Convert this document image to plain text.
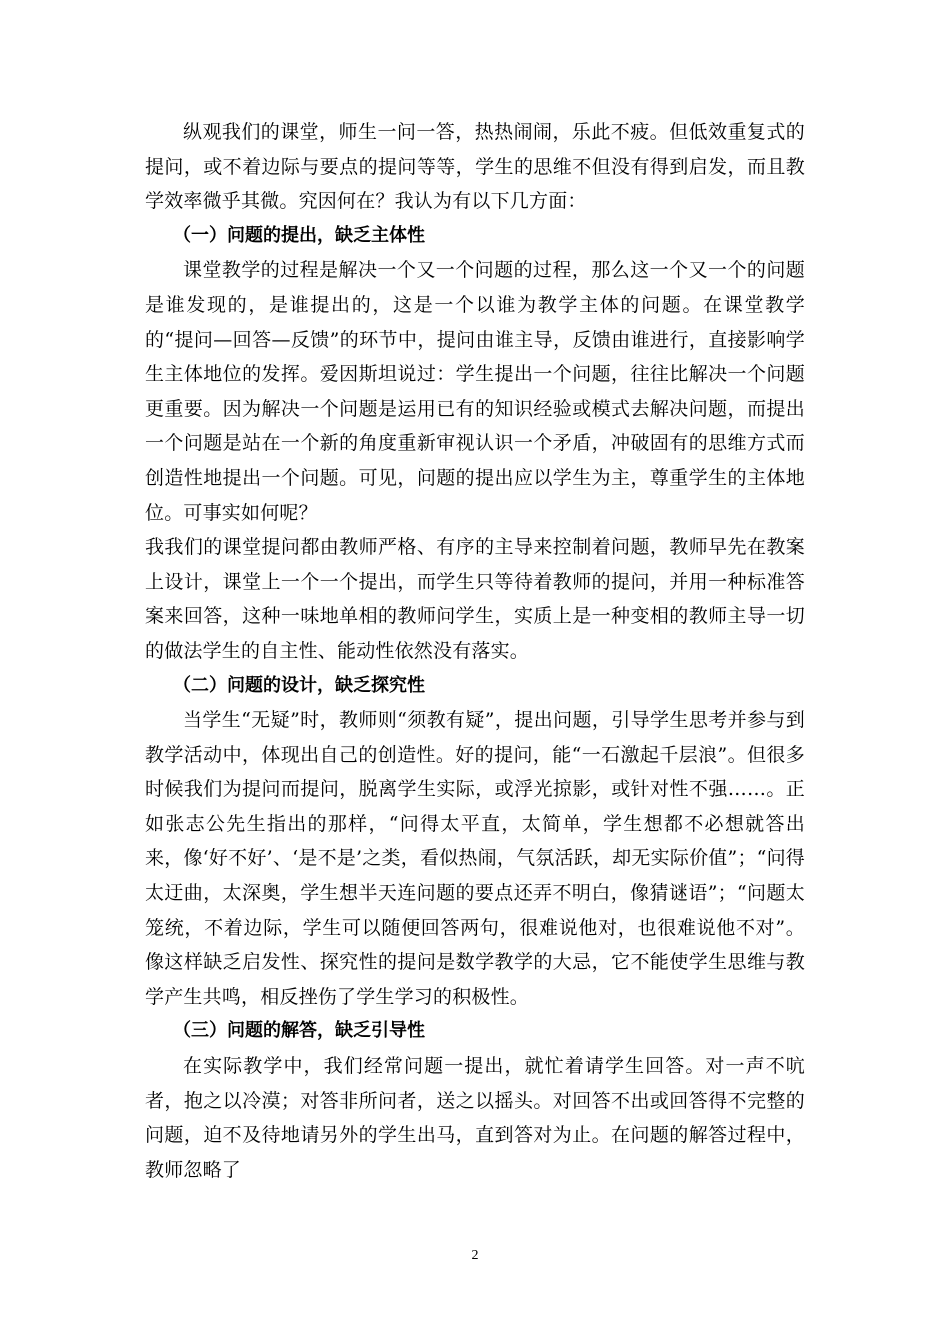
纵观我们的课堂，师生一问一答，热热闹闹，乐此不疲。但低效重复式的提问，或不着边际与要点的提问等等，学生的思维不但没有得到启发，而且教学效率微乎其微。究因何在？我认为有以下几方面：

（一）问题的提出，缺乏主体性

课堂教学的过程是解决一个又一个问题的过程，那么这一个又一个的问题是谁发现的，是谁提出的，这是一个以谁为教学主体的问题。在课堂教学的“提问—回答—反馈”的环节中，提问由谁主导，反馈由谁进行，直接影响学生主体地位的发挥。爱因斯坦说过：学生提出一个问题，往往比解决一个问题更重要。因为解决一个问题是运用已有的知识经验或模式去解决问题，而提出一个问题是站在一个新的角度重新审视认识一个矛盾，冲破固有的思维方式而创造性地提出一个问题。可见，问题的提出应以学生为主，尊重学生的主体地位。可事实如何呢？

我我们的课堂提问都由教师严格、有序的主导来控制着问题，教师早先在教案上设计，课堂上一个一个提出，而学生只等待着教师的提问，并用一种标准答案来回答，这种一味地单相的教师问学生，实质上是一种变相的教师主导一切的做法学生的自主性、能动性依然没有落实。

（二）问题的设计，缺乏探究性

当学生“无疑”时，教师则“须教有疑”，提出问题，引导学生思考并参与到教学活动中，体现出自己的创造性。好的提问，能“一石激起千层浪”。但很多时候我们为提问而提问，脱离学生实际，或浮光掠影，或针对性不强……。正如张志公先生指出的那样，“问得太平直，太简单，学生想都不必想就答出来，像‘好不好’、‘是不是’之类，看似热闹，气氛活跃，却无实际价值”；“问得太迂曲，太深奥，学生想半天连问题的要点还弄不明白，像猜谜语”；“问题太笼统，不着边际，学生可以随便回答两句，很难说他对，也很难说他不对”。像这样缺乏启发性、探究性的提问是数学教学的大忌，它不能使学生思维与教学产生共鸣，相反挫伤了学生学习的积极性。

（三）问题的解答，缺乏引导性

在实际教学中，我们经常问题一提出，就忙着请学生回答。对一声不吭者，抱之以冷漠；对答非所问者，送之以摇头。对回答不出或回答得不完整的问题，迫不及待地请另外的学生出马，直到答对为止。在问题的解答过程中，教师忽略了

2
